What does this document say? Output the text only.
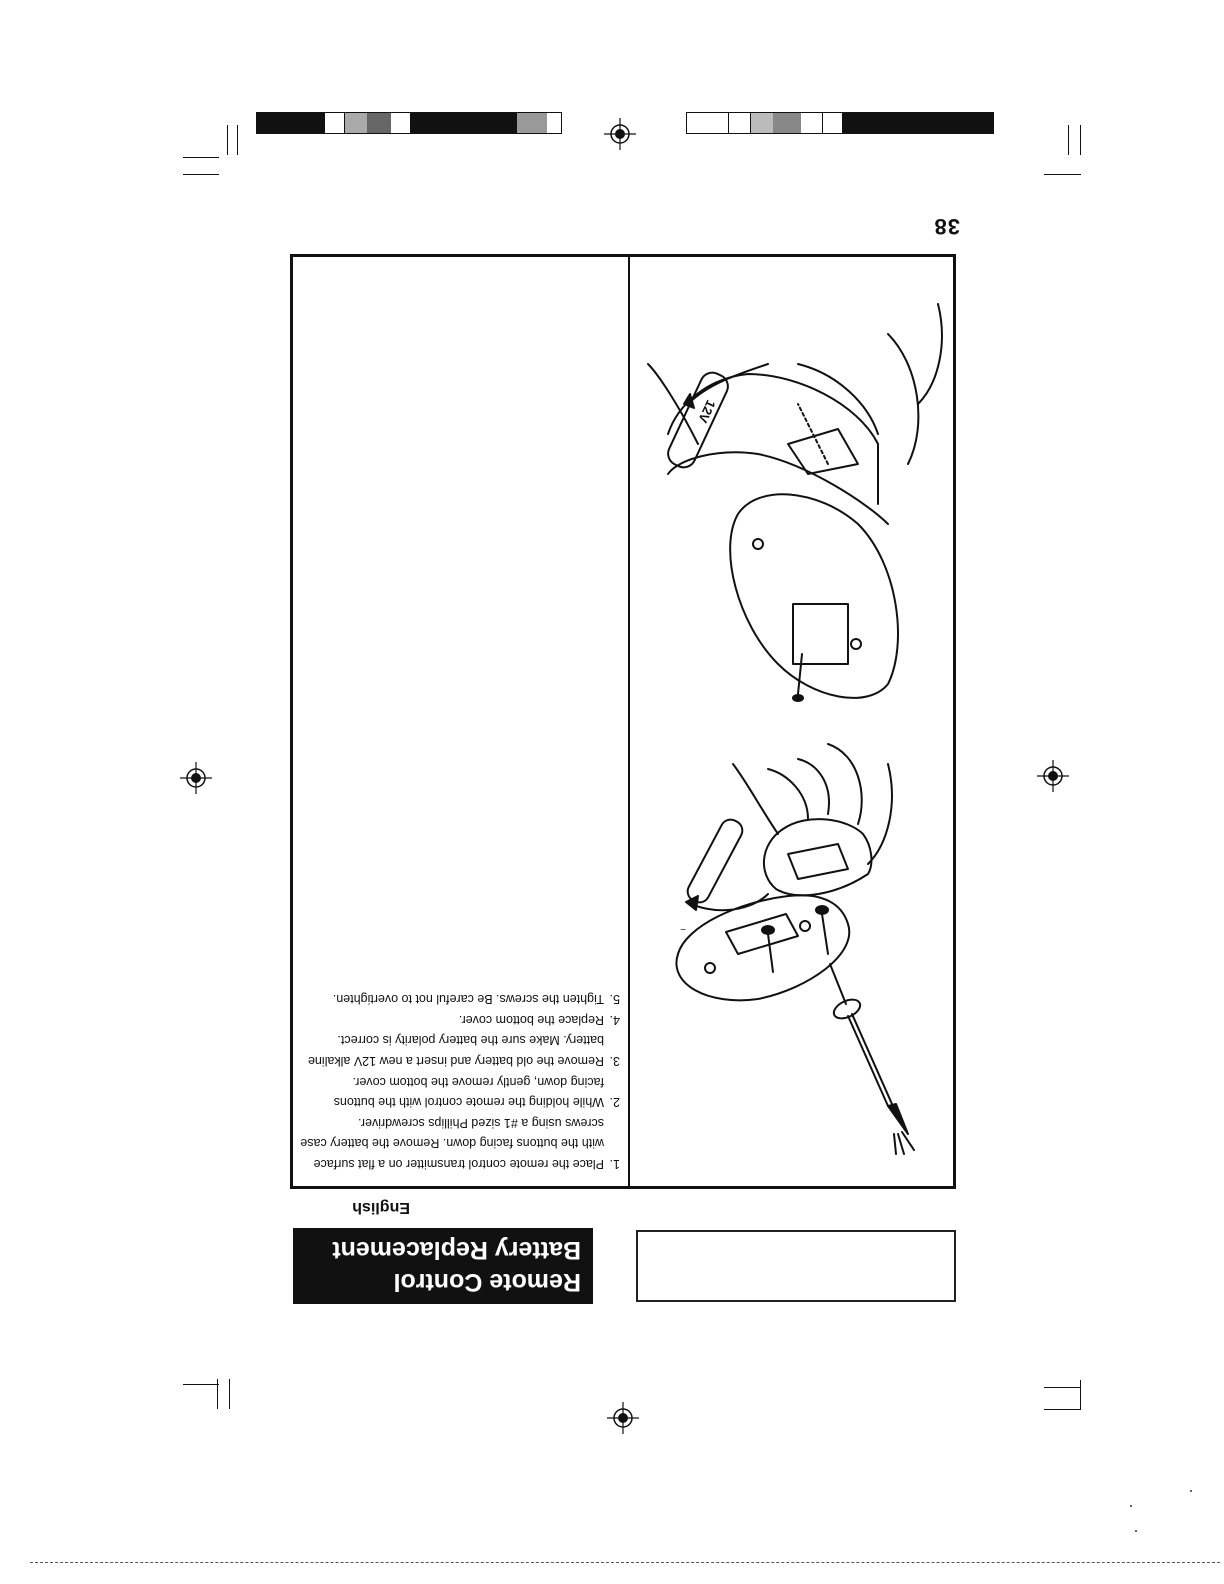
38
Remote Control
Battery Replacement
English
1.
Place the remote control transmitter on a flat surface with the buttons facing down. Remove the battery case screws using a #1 sized Phillips screwdriver.
2.
While holding the remote control with the buttons facing down, gently remove the bottom cover.
3.
Remove the old battery and insert a new 12V alkaline battery. Make sure the battery polarity is correct.
4.
Replace the bottom cover.
5.
Tighten the screws. Be careful not to overtighten.
−
12V
